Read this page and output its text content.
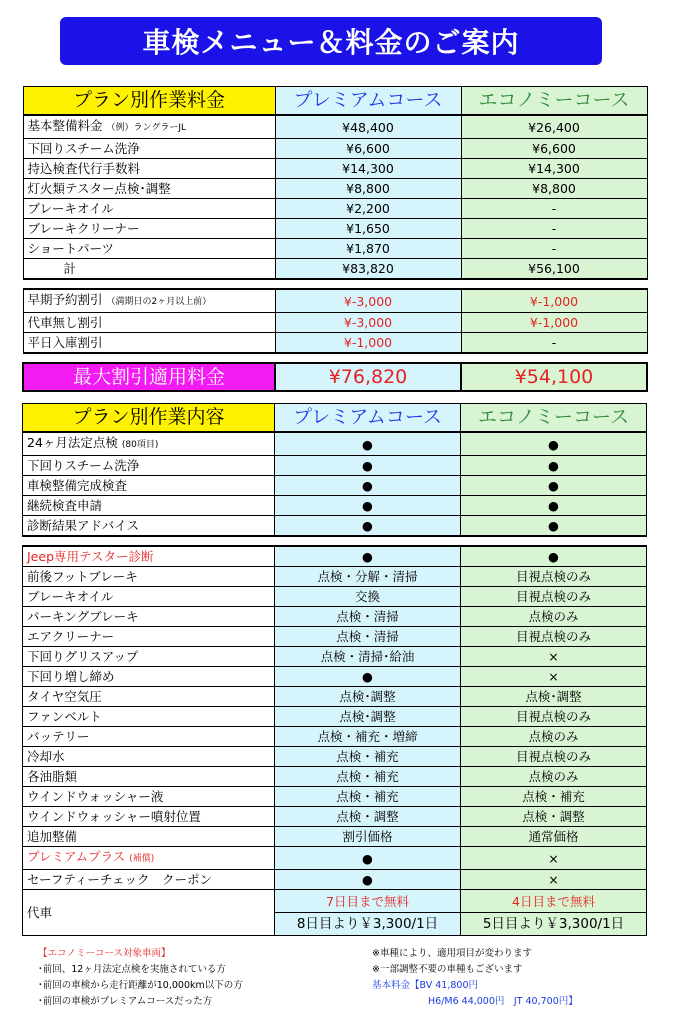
車検メニュー＆料金のご案内
プラン別作業料金	プレミアムコース	エコノミーコース
基本整備料金 （例）ラングラーJL	¥48,400	¥26,400
下回りスチーム洗浄	¥6,600	¥6,600
持込検査代行手数料	¥14,300	¥14,300
灯火類テスター点検･調整	¥8,800	¥8,800
ブレーキオイル	¥2,200	-
ブレーキクリーナー	¥1,650	-
ショートパーツ	¥1,870	-
計	¥83,820	¥56,100

早期予約割引 （満期日の2ヶ月以上前）	¥-3,000	¥-1,000
代車無し割引	¥-3,000	¥-1,000
平日入庫割引	¥-1,000	-

最大割引適用料金	¥76,820	¥54,100
プラン別作業内容	プレミアムコース	エコノミーコース
24ヶ月法定点検 (80項目)	●	●
下回りスチーム洗浄	●	●
車検整備完成検査	●	●
継続検査申請	●	●
診断結果アドバイス	●	●

Jeep専用テスター診断	●	●
前後フットブレーキ	点検・分解・清掃	目視点検のみ
ブレーキオイル	交換	目視点検のみ
パーキングブレーキ	点検・清掃	点検のみ
エアクリーナー	点検・清掃	目視点検のみ
下回りグリスアップ	点検・清掃･給油	×
下回り増し締め	●	×
タイヤ空気圧	点検･調整	点検･調整
ファンベルト	点検･調整	目視点検のみ
バッテリー	点検・補充・増締	点検のみ
冷却水	点検・補充	目視点検のみ
各油脂類	点検・補充	点検のみ
ウインドウォッシャー液	点検・補充	点検・補充
ウインドウォッシャー噴射位置	点検・調整	点検・調整
追加整備	割引価格	通常価格
プレミアムプラス (補償)	●	×
セーフティーチェック　クーポン	●	×
代車	7日目まで無料	4日目まで無料
	8日目より￥3,300/1日	5日目より￥3,300/1日
【エコノミーコース対象車両】
･前回、12ヶ月法定点検を実施されている方
･前回の車検から走行距離が10,000km以下の方
･前回の車検がプレミアムコースだった方
※車種により、適用項目が変わります
※一部調整不要の車種もございます
基本料金【BV 41,800円
H6/M6 44,000円　JT 40,700円】
